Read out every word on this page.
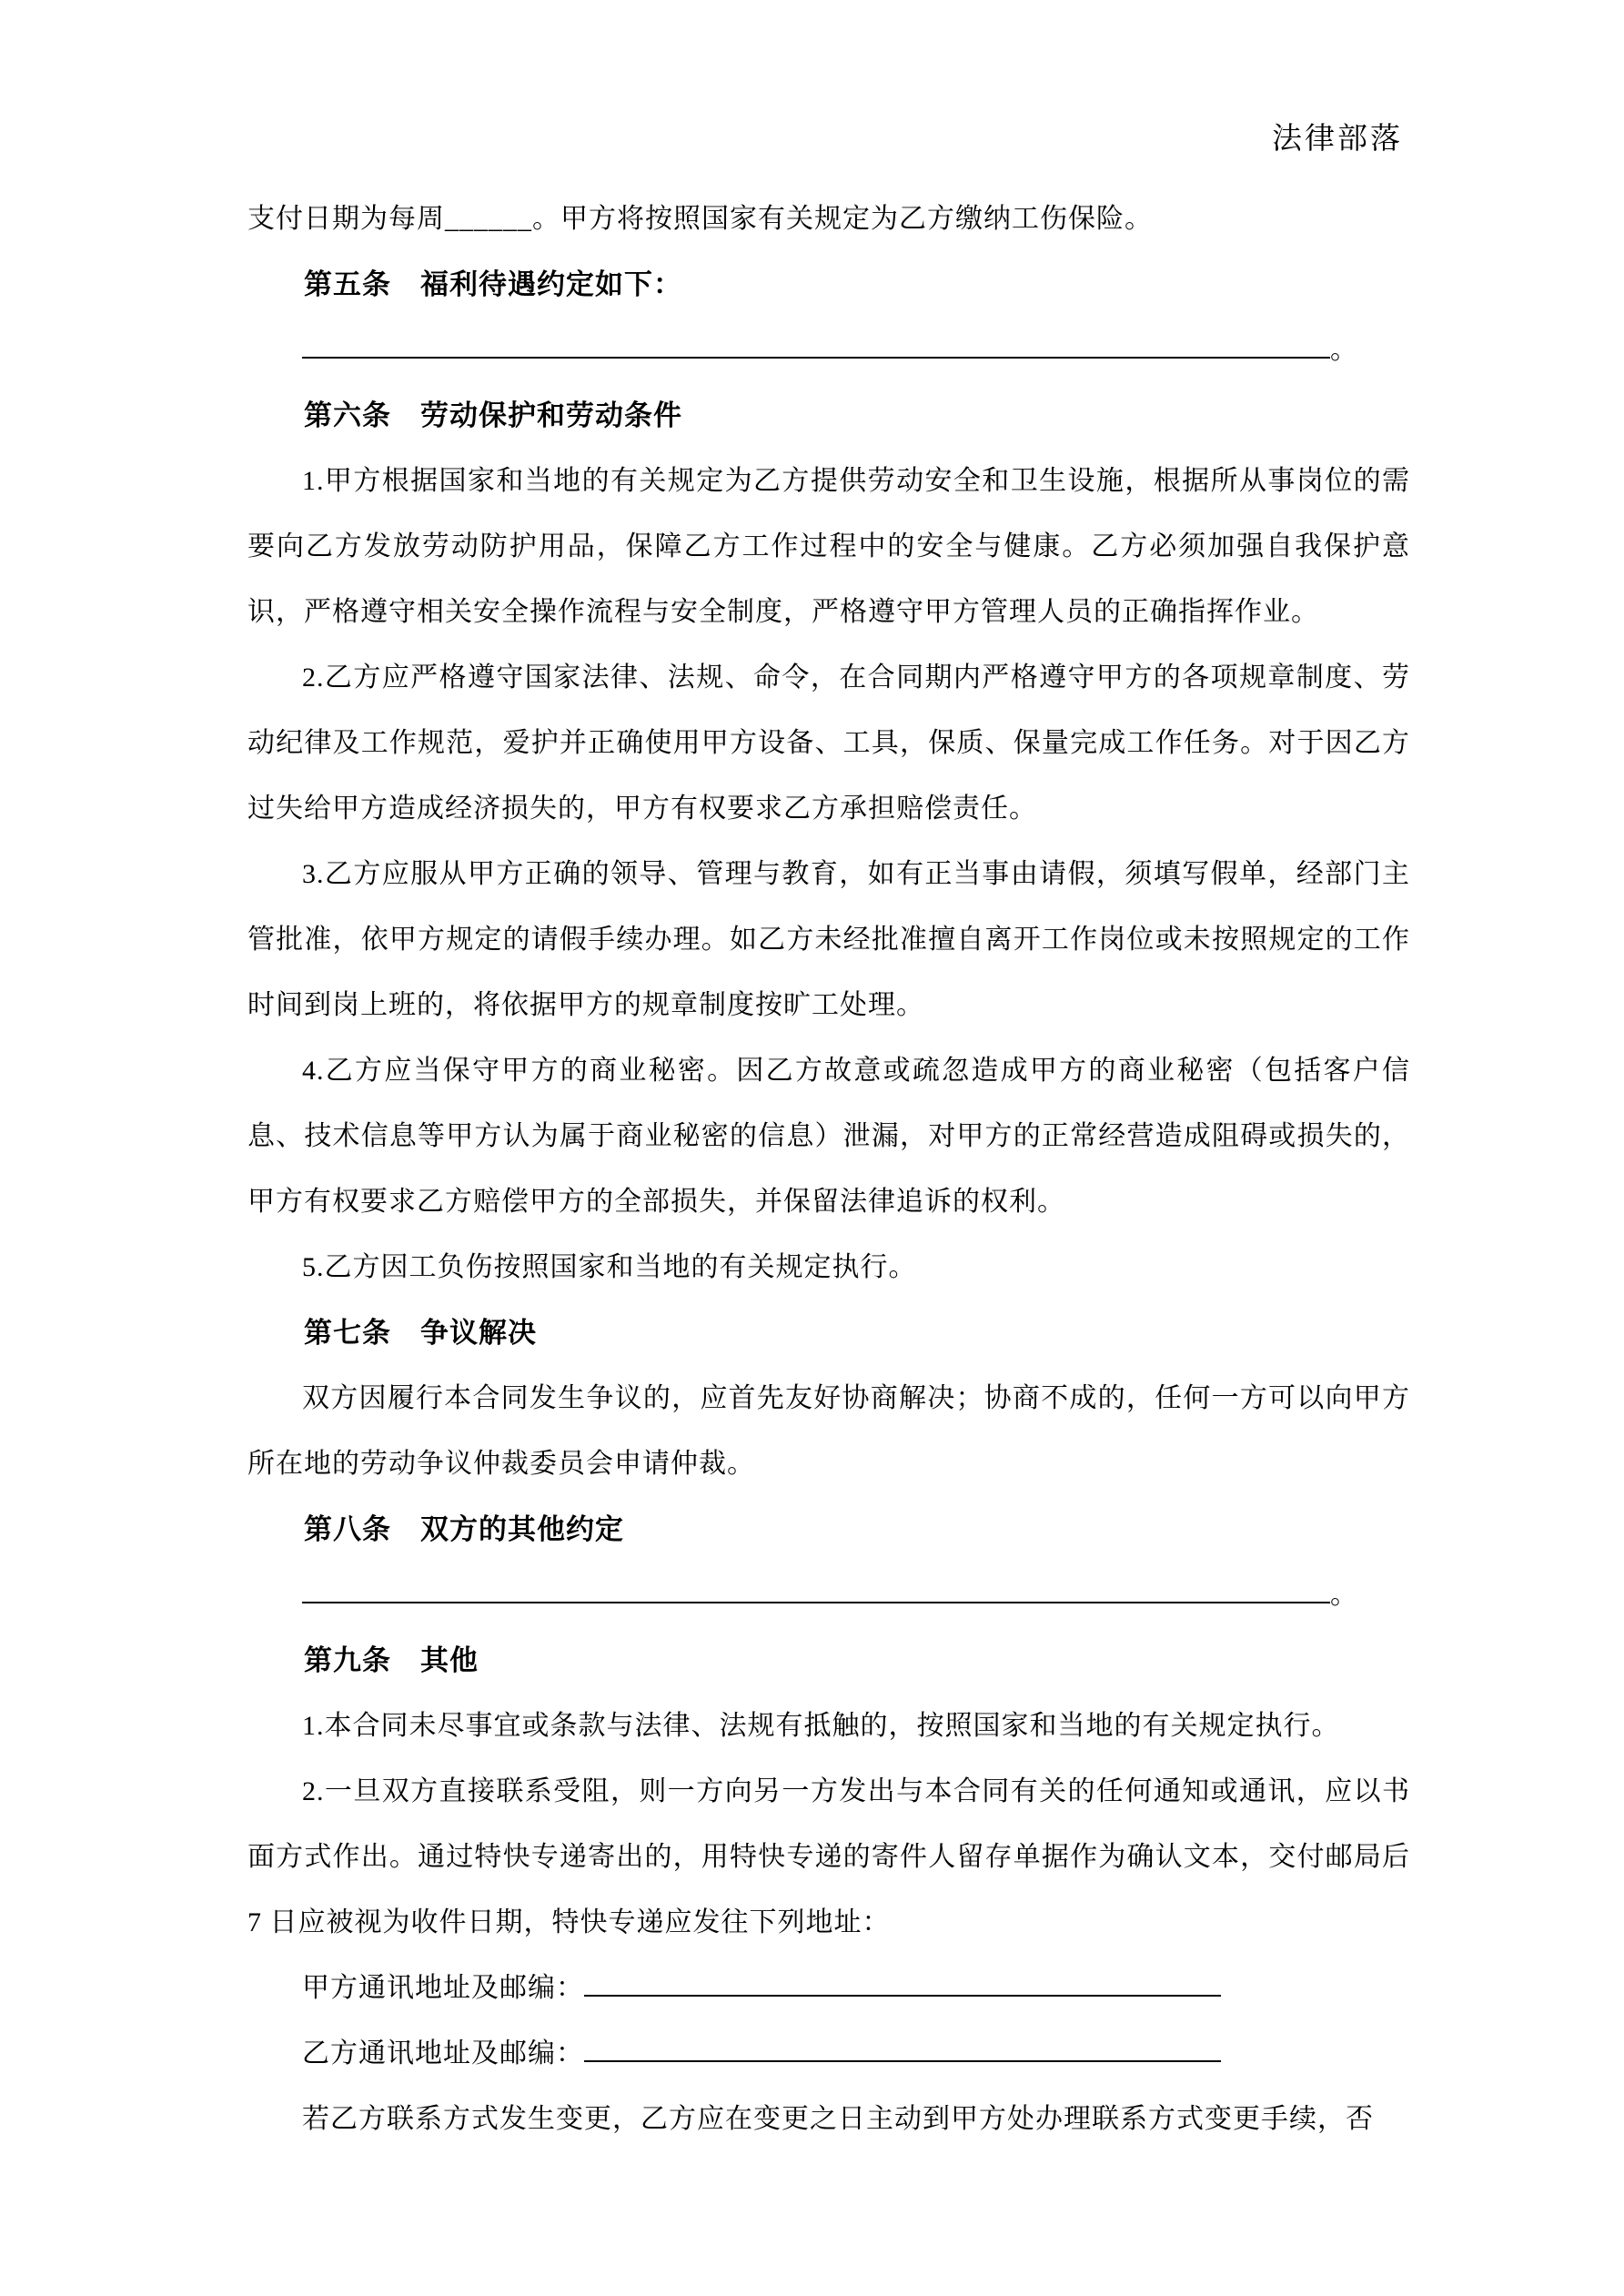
法律部落

支付日期为每周______。甲方将按照国家有关规定为乙方缴纳工伤保险。

第五条　福利待遇约定如下：

。

第六条　劳动保护和劳动条件

1.甲方根据国家和当地的有关规定为乙方提供劳动安全和卫生设施，根据所从事岗位的需要向乙方发放劳动防护用品，保障乙方工作过程中的安全与健康。乙方必须加强自我保护意识，严格遵守相关安全操作流程与安全制度，严格遵守甲方管理人员的正确指挥作业。

2.乙方应严格遵守国家法律、法规、命令，在合同期内严格遵守甲方的各项规章制度、劳动纪律及工作规范，爱护并正确使用甲方设备、工具，保质、保量完成工作任务。对于因乙方过失给甲方造成经济损失的，甲方有权要求乙方承担赔偿责任。

3.乙方应服从甲方正确的领导、管理与教育，如有正当事由请假，须填写假单，经部门主管批准，依甲方规定的请假手续办理。如乙方未经批准擅自离开工作岗位或未按照规定的工作时间到岗上班的，将依据甲方的规章制度按旷工处理。

4.乙方应当保守甲方的商业秘密。因乙方故意或疏忽造成甲方的商业秘密（包括客户信息、技术信息等甲方认为属于商业秘密的信息）泄漏，对甲方的正常经营造成阻碍或损失的，甲方有权要求乙方赔偿甲方的全部损失，并保留法律追诉的权利。

5.乙方因工负伤按照国家和当地的有关规定执行。

第七条　争议解决

双方因履行本合同发生争议的，应首先友好协商解决；协商不成的，任何一方可以向甲方所在地的劳动争议仲裁委员会申请仲裁。

第八条　双方的其他约定

。

第九条　其他

1.本合同未尽事宜或条款与法律、法规有抵触的，按照国家和当地的有关规定执行。

2.一旦双方直接联系受阻，则一方向另一方发出与本合同有关的任何通知或通讯，应以书面方式作出。通过特快专递寄出的，用特快专递的寄件人留存单据作为确认文本，交付邮局后 7 日应被视为收件日期，特快专递应发往下列地址：

甲方通讯地址及邮编：

乙方通讯地址及邮编：

若乙方联系方式发生变更，乙方应在变更之日主动到甲方处办理联系方式变更手续，否
